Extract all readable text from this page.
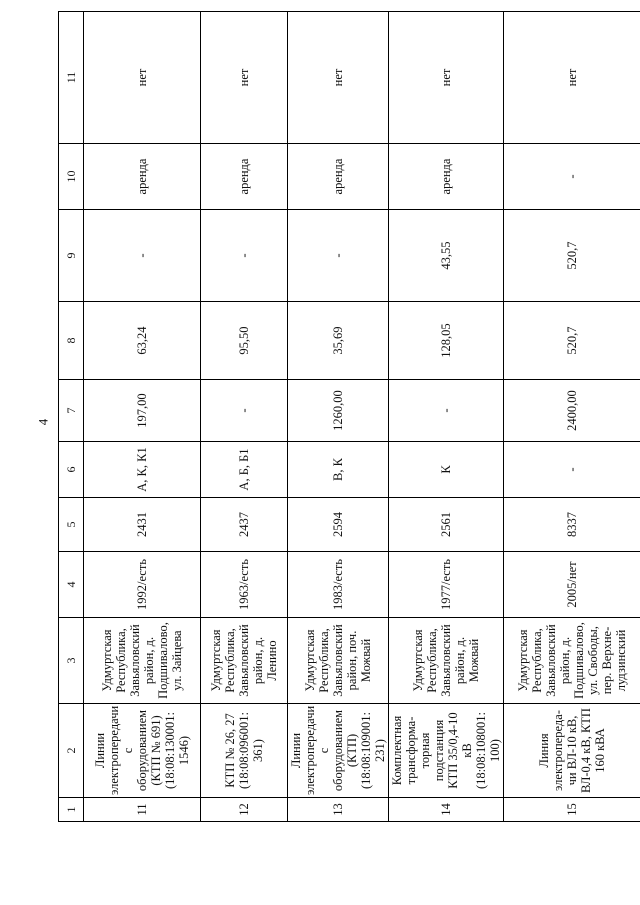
4
1	2	3	4	5	6	7	8	9	10	11
11	Линии электропередачи с оборудованием (КТП № 691) (18:08:130001: 1546)	Удмуртская Республика, Завьяловский район, д. Подшивалово, ул. Зайцева	1992/есть	2431	А, К, К1	197,00	63,24	-	аренда	нет
12	КТП № 26, 27 (18:08:096001: 361)	Удмуртская Республика, Завьяловский район, д. Ленино	1963/есть	2437	А, Б, Б1	-	95,50	-	аренда	нет
13	Линии электропередачи с оборудованием (КТП) (18:08:109001: 231)	Удмуртская Республика, Завьяловский район, поч. Можвай	1983/есть	2594	В, К	1260,00	35,69	-	аренда	нет
14	Комплектная трансформа-торная подстанция КТП 35/0,4-10 кВ (18:08:108001: 100)	Удмуртская Республика, Завьяловский район, д. Можвай	1977/есть	2561	К	-	128,05	43,55	аренда	нет
15	Линия электропереда-чи ВЛ-10 кВ, ВЛ-0,4 кВ, КТП 160 кВА	Удмуртская Республика, Завьяловский район, д. Подшивалово, ул. Свободы, пер. Верхне-лудзинский	2005/нет	8337	-	2400,00	520,7	520,7	-	нет
